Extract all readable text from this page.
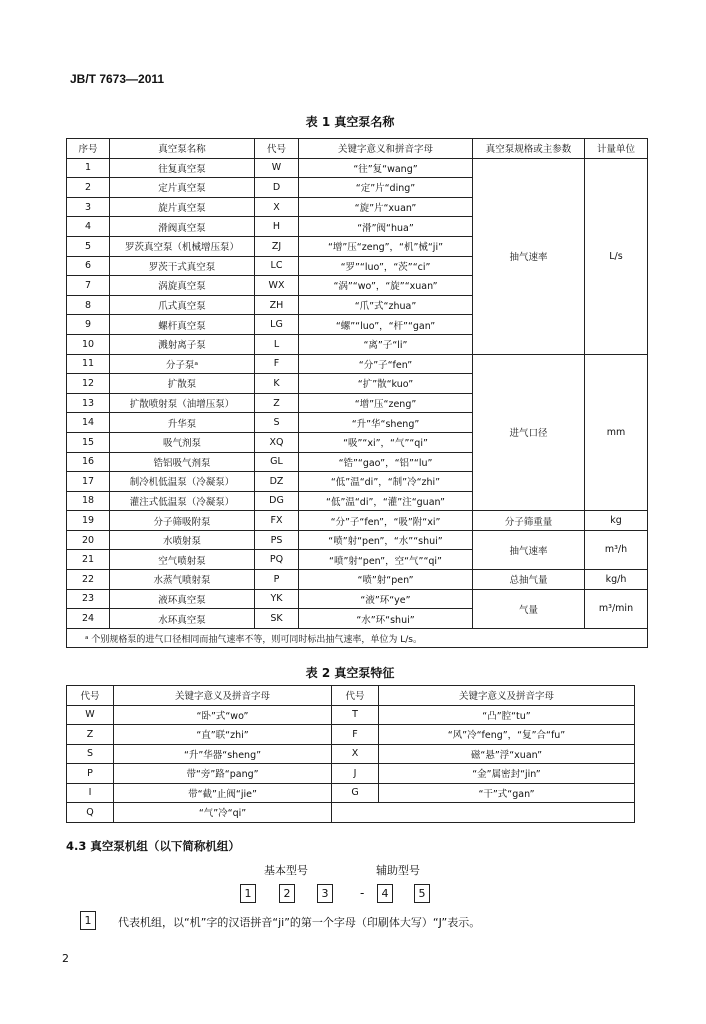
JB/T 7673—2011
表 1 真空泵名称
序号	真空泵名称	代号	关键字意义和拼音字母	真空泵规格或主参数	计量单位
1	往复真空泵	W	“往”复“wang”	抽气速率	L/s
2	定片真空泵	D	“定”片“ding”		
3	旋片真空泵	X	“旋”片“xuan”		
4	滑阀真空泵	H	“滑”阀“hua”		
5	罗茨真空泵（机械增压泵）	ZJ	“增”压“zeng”，“机”械“ji”		
6	罗茨干式真空泵	LC	“罗”“luo”，“茨”“ci”		
7	涡旋真空泵	WX	“涡”“wo”，“旋”“xuan”		
8	爪式真空泵	ZH	“爪”式“zhua”		
9	螺杆真空泵	LG	“螺”“luo”，“杆”“gan”		
10	溅射离子泵	L	“离”子“li”		
11	分子泵ᵃ	F	“分”子“fen”	进气口径	mm
12	扩散泵	K	“扩”散“kuo”		
13	扩散喷射泵（油增压泵）	Z	“增”压“zeng”		
14	升华泵	S	“升”华“sheng”		
15	吸气剂泵	XQ	“吸”“xi”，“气”“qi”		
16	锆铝吸气剂泵	GL	“锆”“gao”，“铝”“lu”		
17	制冷机低温泵（冷凝泵）	DZ	“低”温“di”，“制”冷“zhi”		
18	灌注式低温泵（冷凝泵）	DG	“低”温“di”，“灌”注“guan”		
19	分子筛吸附泵	FX	“分”子“fen”，“吸”附“xi”	分子筛重量	kg
20	水喷射泵	PS	“喷”射“pen”，“水”“shui”	抽气速率	m³/h
21	空气喷射泵	PQ	“喷”射“pen”，空“气”“qi”		
22	水蒸气喷射泵	P	“喷”射“pen”	总抽气量	kg/h
23	液环真空泵	YK	“液”环“ye”	气量	m³/min
24	水环真空泵	SK	“水”环“shui”		
ᵃ 个别规格泵的进气口径相同而抽气速率不等，则可同时标出抽气速率，单位为 L/s。					
表 2 真空泵特征
代号	关键字意义及拼音字母	代号	关键字意义及拼音字母
W	“卧”式“wo”	T	“凸”腔“tu”
Z	“直”联“zhi”	F	“风”冷“feng”，“复”合“fu”
S	“升”华器“sheng”	X	磁“悬”浮“xuan”
P	带“旁”路“pang”	J	“金”属密封“jin”
I	带“截”止阀“jie”	G	“干”式“gan”
Q	“气”冷“qi”		
4.3 真空泵机组（以下简称机组）
基本型号	辅助型号
1	2	3	-	4	5
1	代表机组，以“机”字的汉语拼音“ji”的第一个字母（印刷体大写）“J”表示。
2
